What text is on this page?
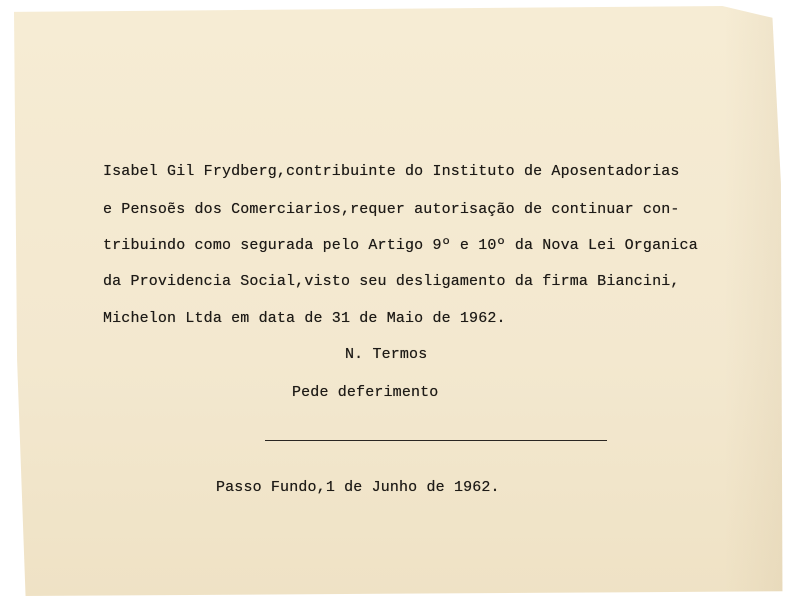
Isabel Gil Frydberg,contribuinte do Instituto de Aposentadorias
e Pensoẽs dos Comerciarios,requer autorisação de continuar con-
tribuindo como segurada pelo Artigo 9º e 10º da Nova Lei Organica
da Providencia Social,visto seu desligamento da firma Biancini,
Michelon Ltda em data de 31 de Maio de 1962.
N. Termos
Pede deferimento
Passo Fundo,1 de Junho de 1962.
